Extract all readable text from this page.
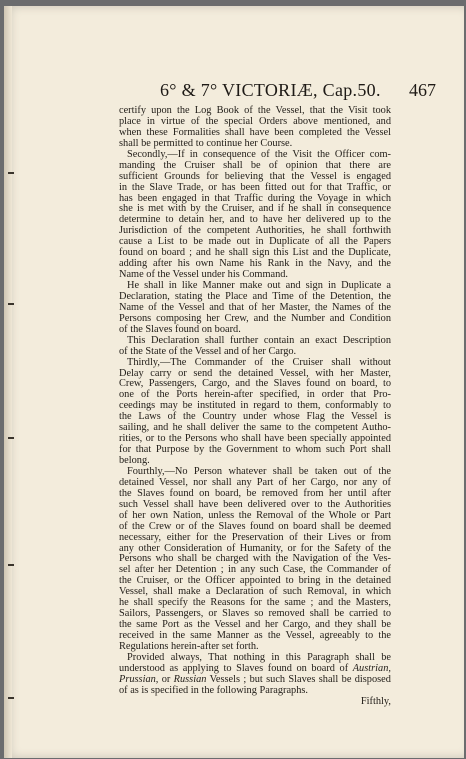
6° & 7° VICTORIÆ, Cap.50. 467
certify upon the Log Book of the Vessel, that the Visit took
place in virtue of the special Orders above mentioned, and
when these Formalities shall have been completed the Vessel
shall be permitted to continue her Course.
Secondly,—If in consequence of the Visit the Officer com-
manding the Cruiser shall be of opinion that there are
sufficient Grounds for believing that the Vessel is engaged
in the Slave Trade, or has been fitted out for that Traffic, or
has been engaged in that Traffic during the Voyage in which
she is met with by the Cruiser, and if he shall in consequence
determine to detain her, and to have her delivered up to the
Jurisdiction of the competent Authorities, he shall forthwith
cause a List to be made out in Duplicate of all the Papers
found on board ; and he shall sign this List and the Duplicate,
adding after his own Name his Rank in the Navy, and the
Name of the Vessel under his Command.
He shall in like Manner make out and sign in Duplicate a
Declaration, stating the Place and Time of the Detention, the
Name of the Vessel and that of her Master, the Names of the
Persons composing her Crew, and the Number and Condition
of the Slaves found on board.
This Declaration shall further contain an exact Description
of the State of the Vessel and of her Cargo.
Thirdly,—The Commander of the Cruiser shall without
Delay carry or send the detained Vessel, with her Master,
Crew, Passengers, Cargo, and the Slaves found on board, to
one of the Ports herein-after specified, in order that Pro-
ceedings may be instituted in regard to them, conformably to
the Laws of the Country under whose Flag the Vessel is
sailing, and he shall deliver the same to the competent Autho-
rities, or to the Persons who shall have been specially appointed
for that Purpose by the Government to whom such Port shall
belong.
Fourthly,—No Person whatever shall be taken out of the
detained Vessel, nor shall any Part of her Cargo, nor any of
the Slaves found on board, be removed from her until after
such Vessel shall have been delivered over to the Authorities
of her own Nation, unless the Removal of the Whole or Part
of the Crew or of the Slaves found on board shall be deemed
necessary, either for the Preservation of their Lives or from
any other Consideration of Humanity, or for the Safety of the
Persons who shall be charged with the Navigation of the Ves-
sel after her Detention ; in any such Case, the Commander of
the Cruiser, or the Officer appointed to bring in the detained
Vessel, shall make a Declaration of such Removal, in which
he shall specify the Reasons for the same ; and the Masters,
Sailors, Passengers, or Slaves so removed shall be carried to
the same Port as the Vessel and her Cargo, and they shall be
received in the same Manner as the Vessel, agreeably to the
Regulations herein-after set forth.
Provided always, That nothing in this Paragraph shall be
understood as applying to Slaves found on board of Austrian,
Prussian, or Russian Vessels ; but such Slaves shall be disposed
of as is specified in the following Paragraphs.
Fifthly,
